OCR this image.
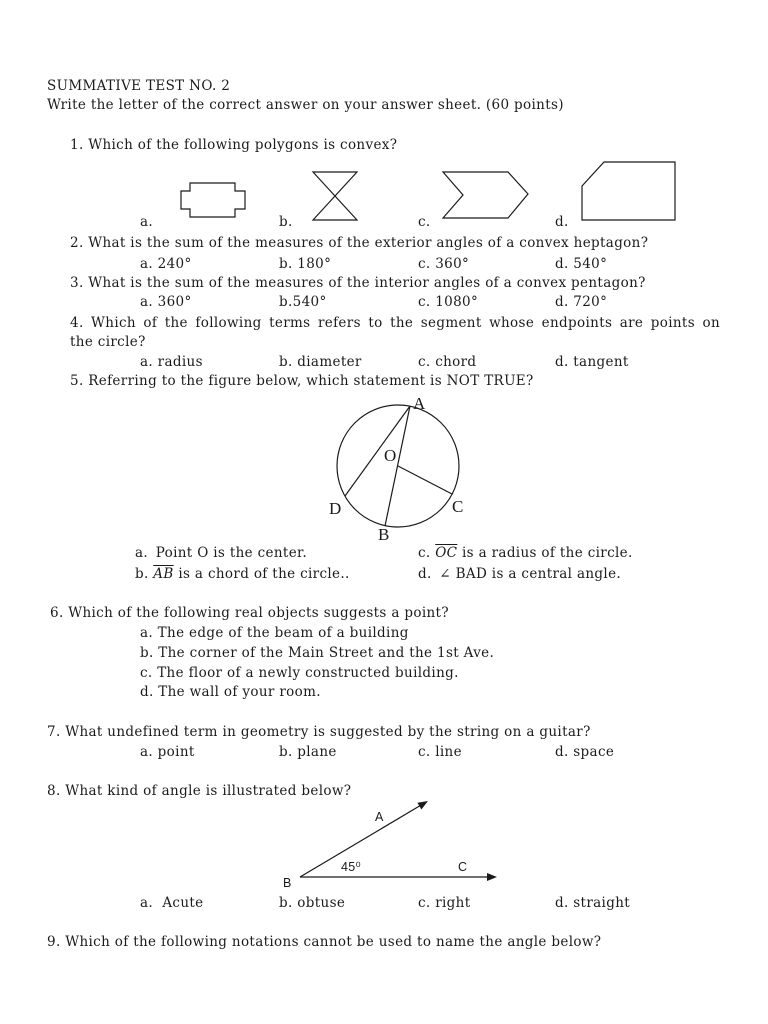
SUMMATIVE TEST NO. 2
Write the letter of the correct answer on your answer sheet. (60 points)
1. Which of the following polygons is convex?
a.	b.	c.	d.
2. What is the sum of the measures of the exterior angles of a convex heptagon?
a. 240°	b. 180°	c. 360°	d. 540°
3. What is the sum of the measures of the interior angles of a convex pentagon?
a. 360°	b.540°	c. 1080°	d. 720°
4. Which of the following terms refers to the segment whose endpoints are points on
the circle?
a. radius	b. diameter	c. chord	d. tangent
5. Referring to the figure below, which statement is NOT TRUE?
A
O
D	C
B
a. Point O is the center.	c. $\overline{OC}$ is a radius of the circle.
b. $\overline{AB}$ is a chord of the circle..	d. ∠ BAD is a central angle.
6. Which of the following real objects suggests a point?
a. The edge of the beam of a building
b. The corner of the Main Street and the 1st Ave.
c. The floor of a newly constructed building.
d. The wall of your room.
7. What undefined term in geometry is suggested by the string on a guitar?
a. point	b. plane	c. line	d. space
8. What kind of angle is illustrated below?
A
45⁰	C
B
a.  Acute	b. obtuse	c. right	d. straight
9. Which of the following notations cannot be used to name the angle below?
